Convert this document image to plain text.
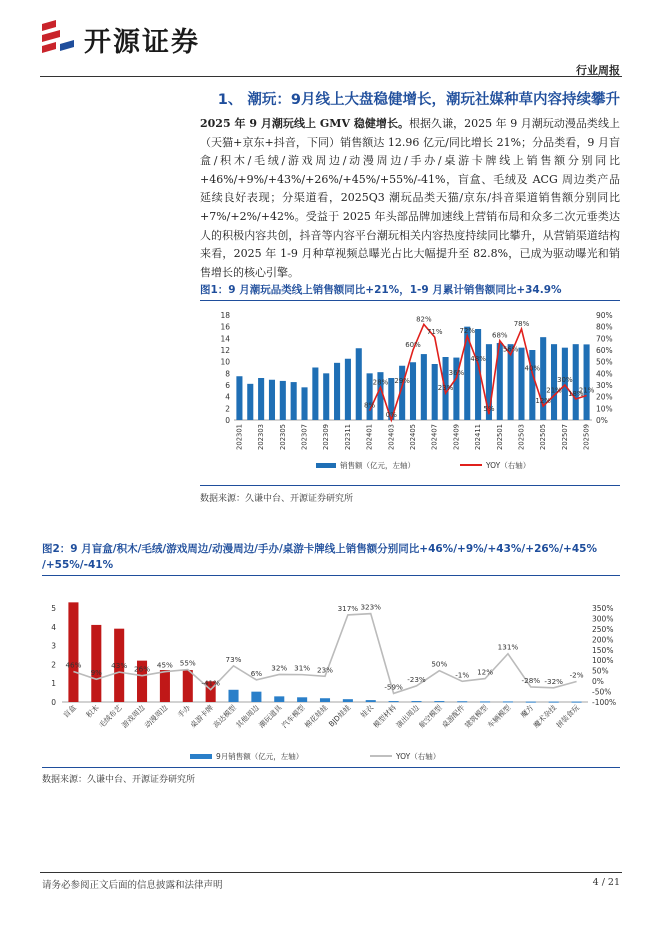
开源证券
行业周报
1、 潮玩：9月线上大盘稳健增长，潮玩社媒种草内容持续攀升
2025 年 9 月潮玩线上 GMV 稳健增长。根据久谦，2025 年 9 月潮玩动漫品类线上（天猫+京东+抖音，下同）销售额达 12.96 亿元/同比增长 21%；分品类看，9 月盲盒/积木/毛绒/游戏周边/动漫周边/手办/桌游卡牌线上销售额分别同比+46%/+9%/+43%/+26%/+45%/+55%/-41%，盲盒、毛绒及 ACG 周边类产品延续良好表现；分渠道看，2025Q3 潮玩品类天猫/京东/抖音渠道销售额分别同比+7%/+2%/+42%。受益于 2025 年头部品牌加速线上营销布局和众多二次元垂类达人的积极内容共创，抖音等内容平台潮玩相关内容热度持续同比攀升，从营销渠道结构来看，2025 年 1-9 月种草视频总曝光占比大幅提升至 82.8%，已成为驱动曝光和销售增长的核心引擎。
图1：9 月潮玩品类线上销售额同比+21%，1-9 月累计销售额同比+34.9%
0
2
4
6
8
10
12
14
16
18
0%
10%
20%
30%
40%
50%
60%
70%
80%
90%
8%
28%
0%
29%
60%
82%
71%
23%
36%
72%
48%
5%
68%
56%
78%
40%
12%
21%
30%
18%
21%
202301 202303 202305 202307 202309 202311 202401 202403 202405 202407 202409 202411 202501 202503 202505 202507 202509
销售额（亿元，左轴）	YOY（右轴）
数据来源：久谦中台、开源证券研究所
图2：9 月盲盒/积木/毛绒/游戏周边/动漫周边/手办/桌游卡牌线上销售额分别同比+46%/+9%/+43%/+26%/+45%
/+55%/-41%
0
1
2
3
4
5
-100%
-50%
0%
50%
100%
150%
200%
250%
300%
350%
46%
9%
43% 26% 45% 55%
-41%
73%
6%
32% 31% 23%
317% 323%
-59%
-23%
50%
-1% 12%
131%
-28% -32%
-2%
盲盒 积木
毛绒布艺
游戏周边
动漫周边 手办
桌游卡牌
高达模型
其他周边
潮玩道具
汽车模型
棉花娃娃
BJD娃娃 娃衣
模型材料
演出周边
航空模型
桌游配件
建筑模型
车辆模型 魔方
魔术杂技
拼装食玩
9月销售额（亿元，左轴）	YOY（右轴）
数据来源：久谦中台、开源证券研究所
请务必参阅正文后面的信息披露和法律声明	4 / 21
